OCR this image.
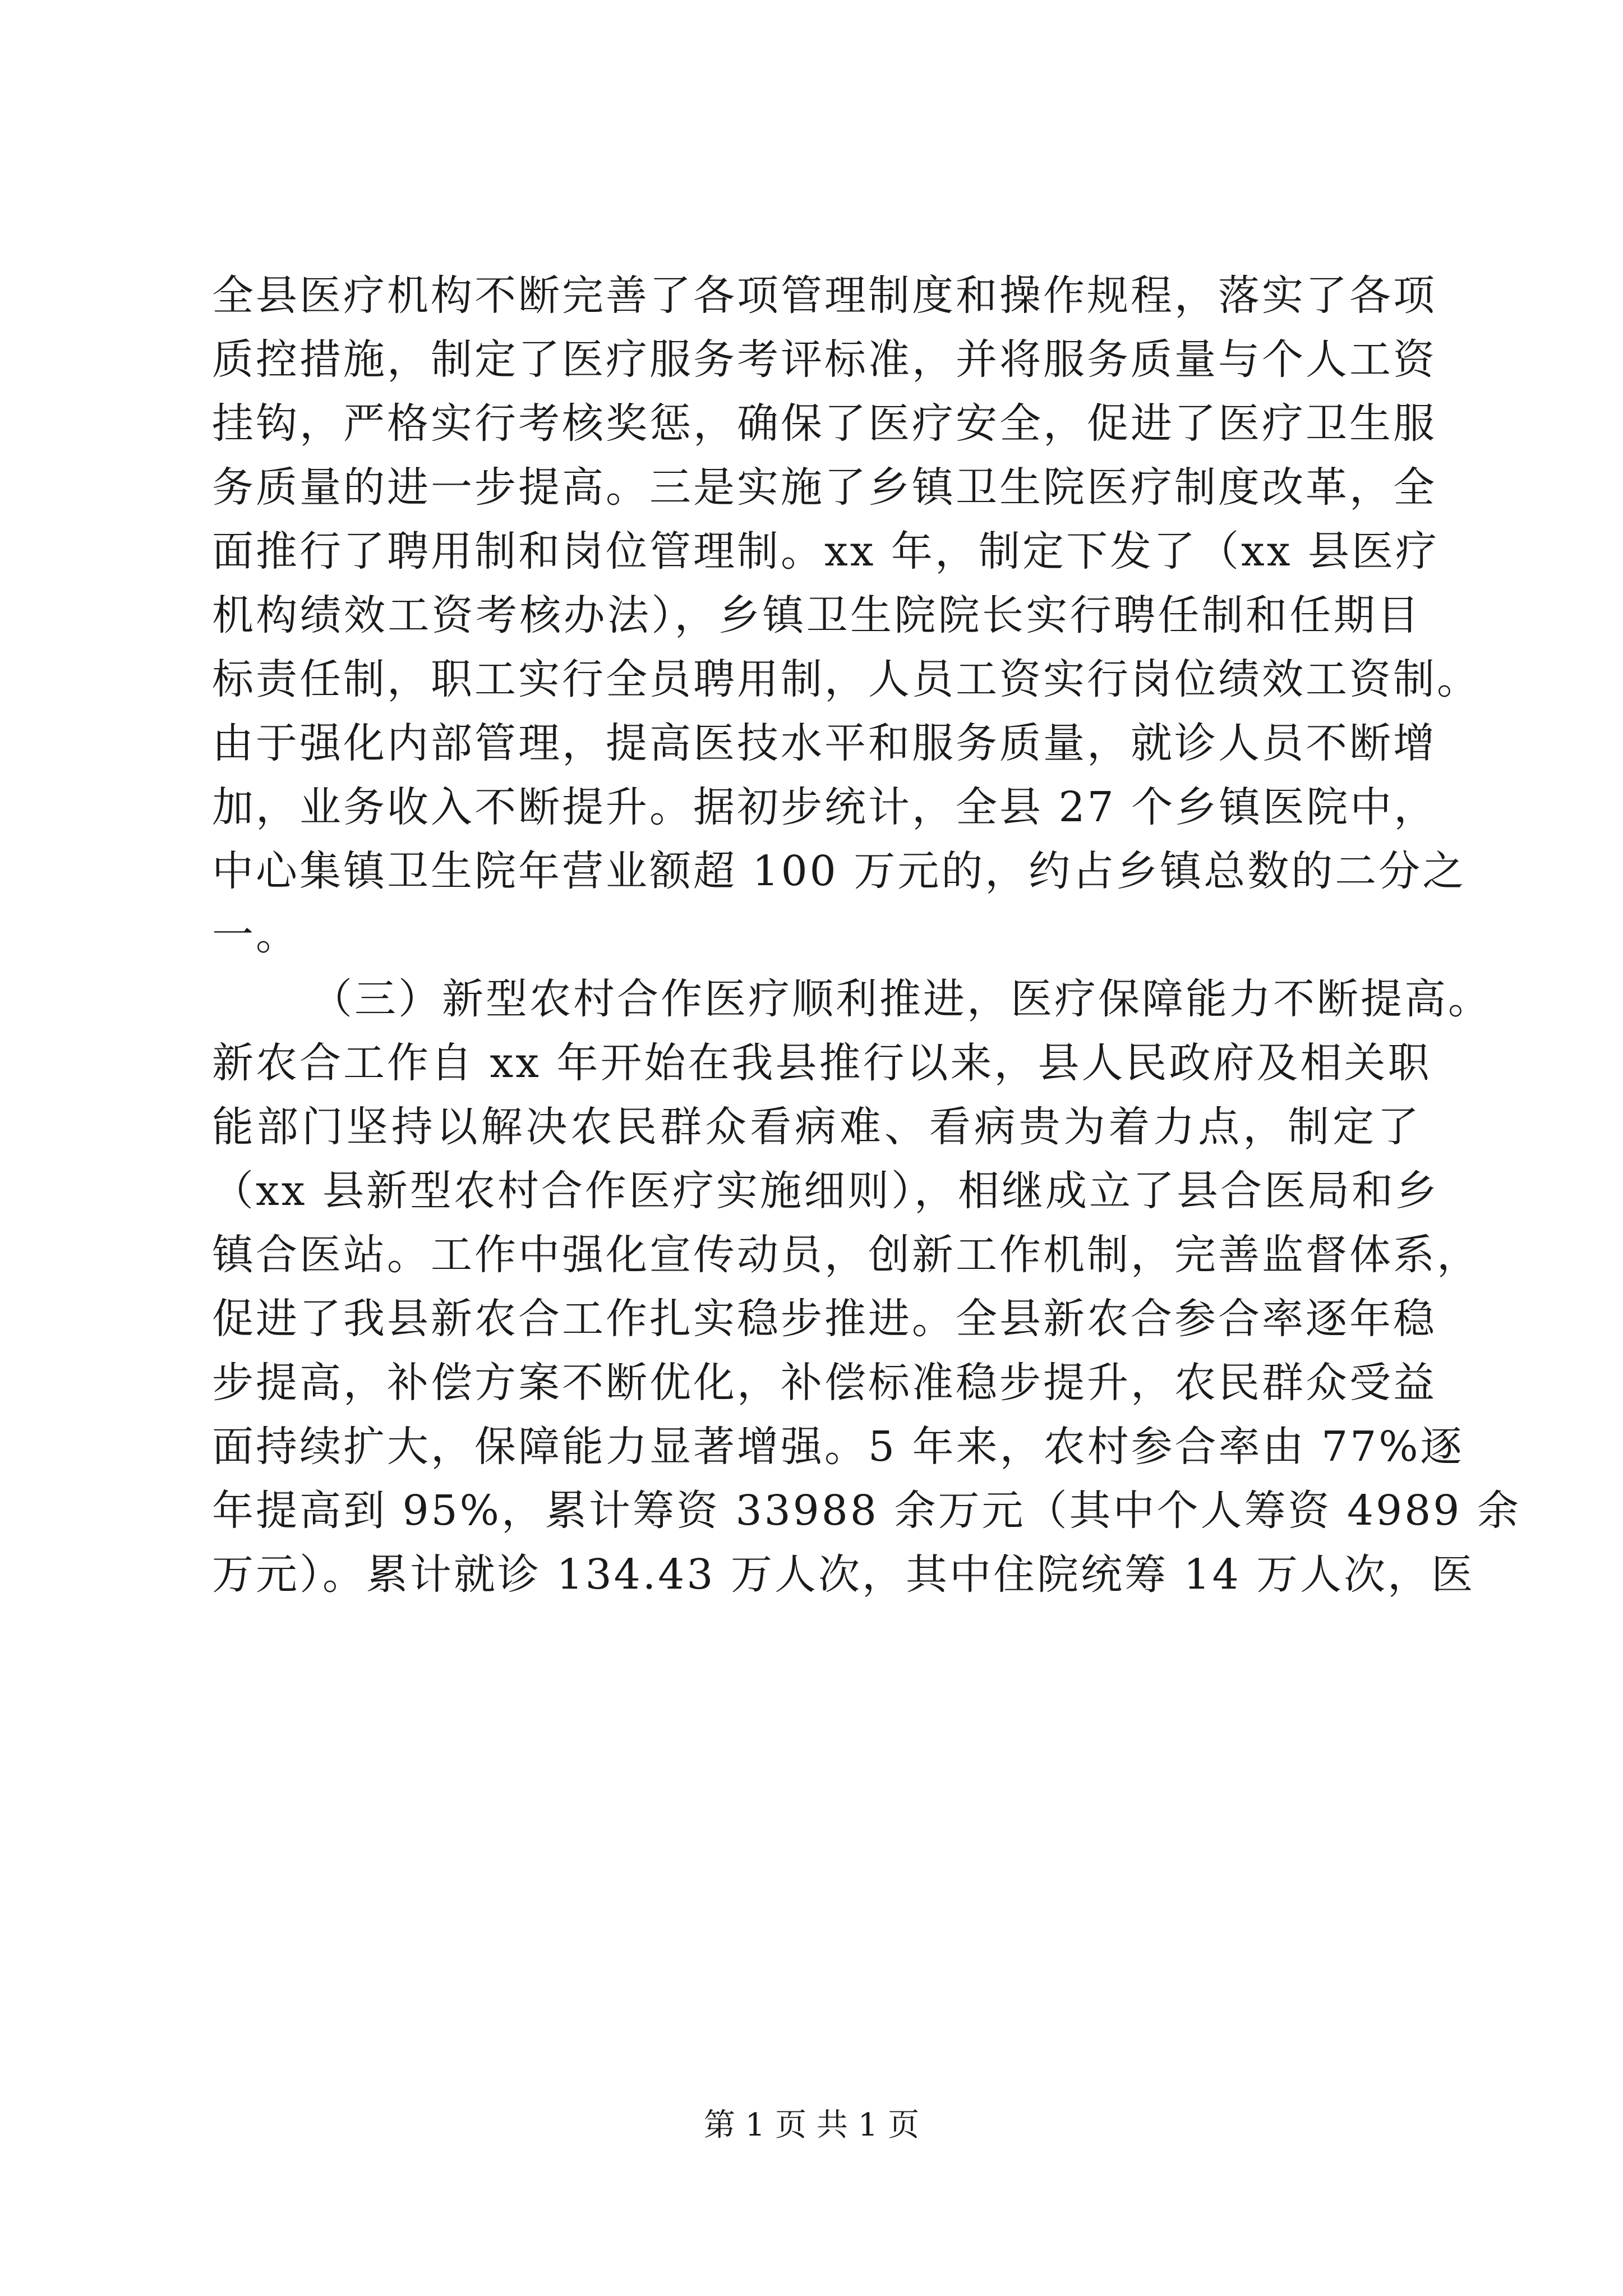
全县医疗机构不断完善了各项管理制度和操作规程，落实了各项
质控措施，制定了医疗服务考评标准，并将服务质量与个人工资
挂钩，严格实行考核奖惩，确保了医疗安全，促进了医疗卫生服
务质量的进一步提高。三是实施了乡镇卫生院医疗制度改革，全
面推行了聘用制和岗位管理制。xx 年，制定下发了（xx 县医疗
机构绩效工资考核办法），乡镇卫生院院长实行聘任制和任期目
标责任制，职工实行全员聘用制，人员工资实行岗位绩效工资制。
由于强化内部管理，提高医技水平和服务质量，就诊人员不断增
加，业务收入不断提升。据初步统计，全县 27 个乡镇医院中，
中心集镇卫生院年营业额超 100 万元的，约占乡镇总数的二分之
一。
（三）新型农村合作医疗顺利推进，医疗保障能力不断提高。
新农合工作自 xx 年开始在我县推行以来，县人民政府及相关职
能部门坚持以解决农民群众看病难、看病贵为着力点，制定了
（xx 县新型农村合作医疗实施细则），相继成立了县合医局和乡
镇合医站。工作中强化宣传动员，创新工作机制，完善监督体系，
促进了我县新农合工作扎实稳步推进。全县新农合参合率逐年稳
步提高，补偿方案不断优化，补偿标准稳步提升，农民群众受益
面持续扩大，保障能力显著增强。5 年来，农村参合率由 77%逐
年提高到 95%，累计筹资 33988 余万元（其中个人筹资 4989 余
万元）。累计就诊 134.43 万人次，其中住院统筹 14 万人次，医
第 1 页 共 1 页
